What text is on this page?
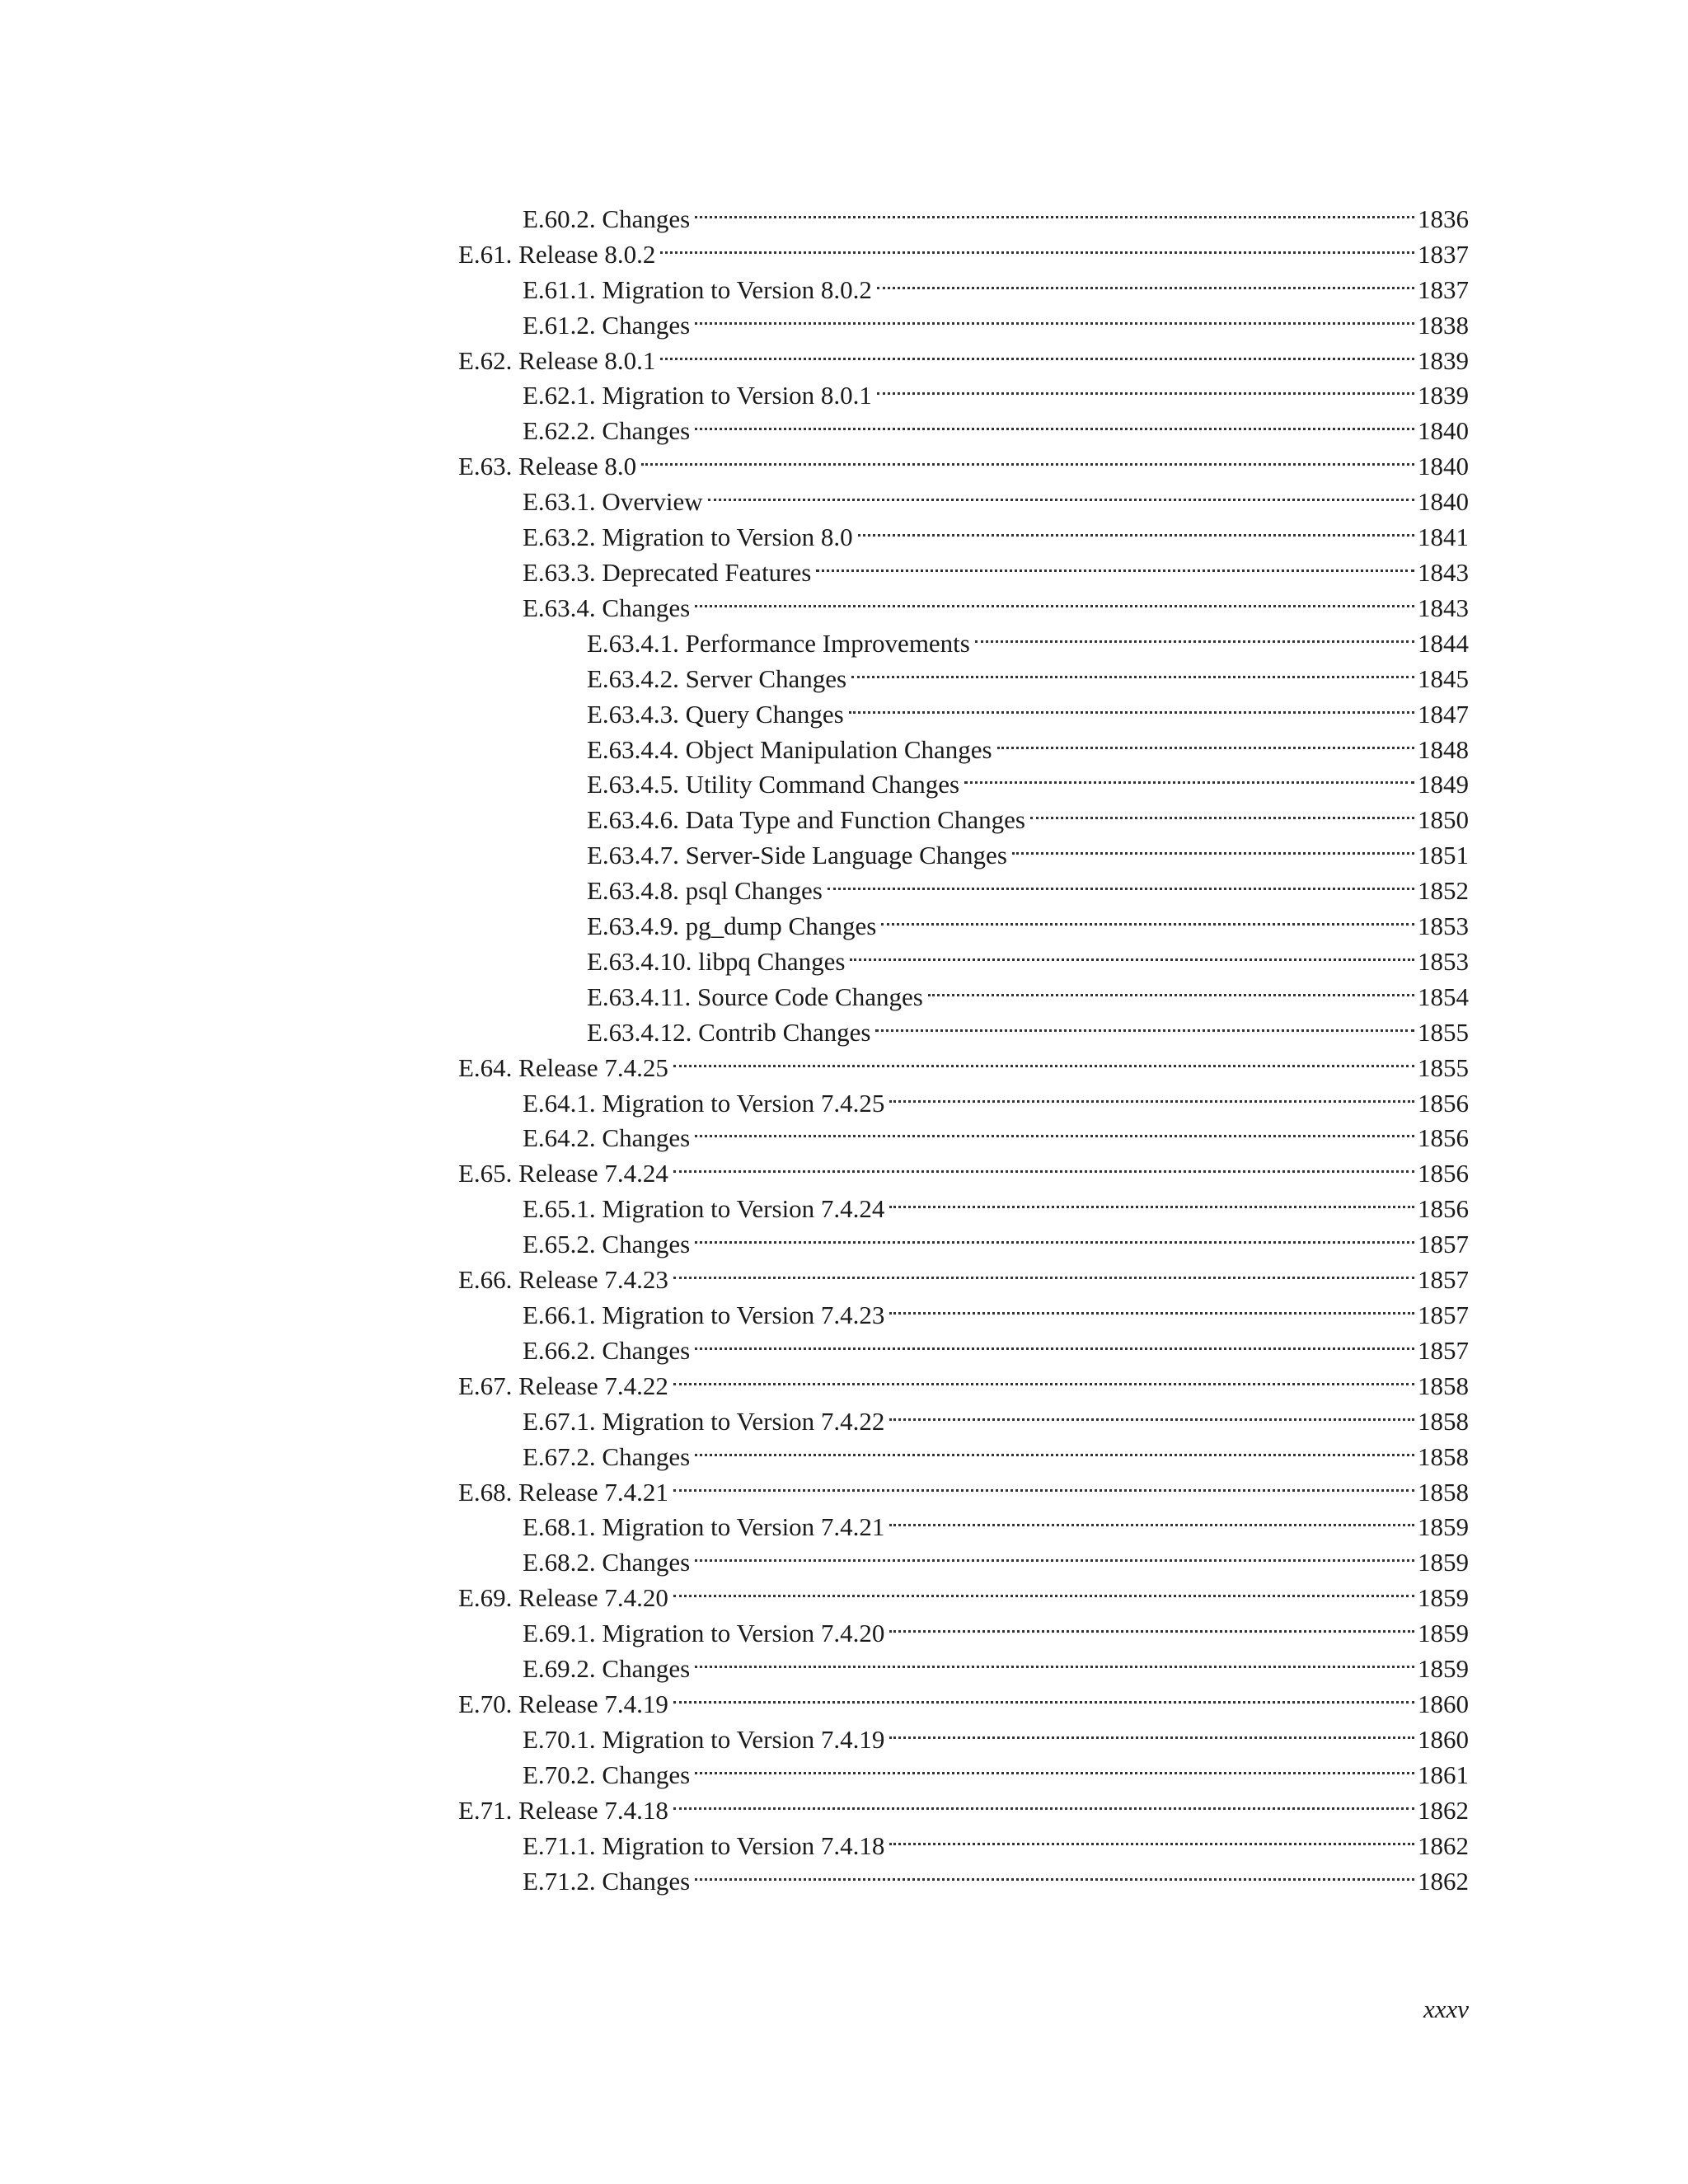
E.60.2. Changes	1836
E.61. Release 8.0.2	1837
E.61.1. Migration to Version 8.0.2	1837
E.61.2. Changes	1838
E.62. Release 8.0.1	1839
E.62.1. Migration to Version 8.0.1	1839
E.62.2. Changes	1840
E.63. Release 8.0	1840
E.63.1. Overview	1840
E.63.2. Migration to Version 8.0	1841
E.63.3. Deprecated Features	1843
E.63.4. Changes	1843
E.63.4.1. Performance Improvements	1844
E.63.4.2. Server Changes	1845
E.63.4.3. Query Changes	1847
E.63.4.4. Object Manipulation Changes	1848
E.63.4.5. Utility Command Changes	1849
E.63.4.6. Data Type and Function Changes	1850
E.63.4.7. Server-Side Language Changes	1851
E.63.4.8. psql Changes	1852
E.63.4.9. pg_dump Changes	1853
E.63.4.10. libpq Changes	1853
E.63.4.11. Source Code Changes	1854
E.63.4.12. Contrib Changes	1855
E.64. Release 7.4.25	1855
E.64.1. Migration to Version 7.4.25	1856
E.64.2. Changes	1856
E.65. Release 7.4.24	1856
E.65.1. Migration to Version 7.4.24	1856
E.65.2. Changes	1857
E.66. Release 7.4.23	1857
E.66.1. Migration to Version 7.4.23	1857
E.66.2. Changes	1857
E.67. Release 7.4.22	1858
E.67.1. Migration to Version 7.4.22	1858
E.67.2. Changes	1858
E.68. Release 7.4.21	1858
E.68.1. Migration to Version 7.4.21	1859
E.68.2. Changes	1859
E.69. Release 7.4.20	1859
E.69.1. Migration to Version 7.4.20	1859
E.69.2. Changes	1859
E.70. Release 7.4.19	1860
E.70.1. Migration to Version 7.4.19	1860
E.70.2. Changes	1861
E.71. Release 7.4.18	1862
E.71.1. Migration to Version 7.4.18	1862
E.71.2. Changes	1862
xxxv
